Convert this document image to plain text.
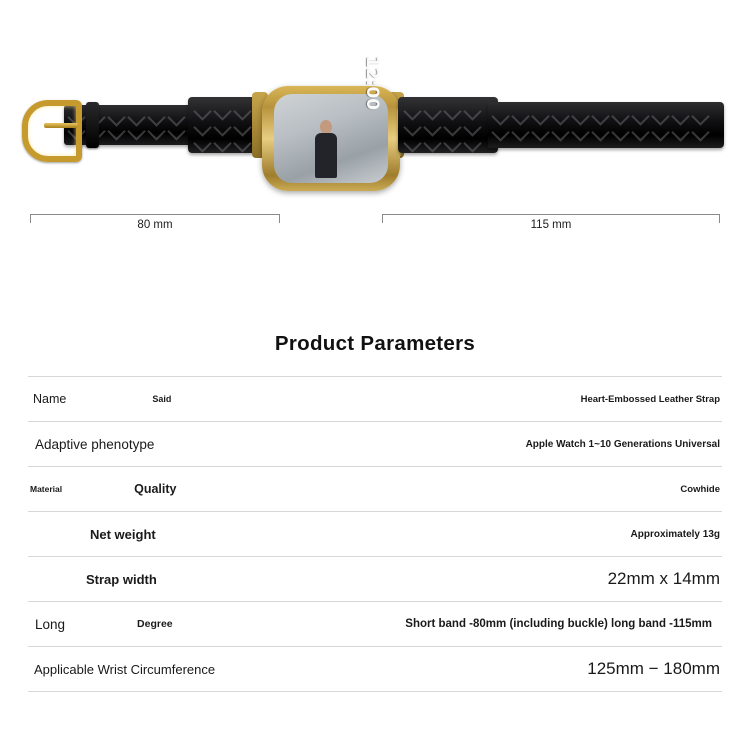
12:00
80 mm	115 mm
Product Parameters
Name	Said	Heart-Embossed Leather Strap
Adaptive phenotype	Apple Watch 1~10 Generations Universal
Material	Quality	Cowhide
Net weight	Approximately 13g
Strap width	22mm x 14mm
Long	Degree	Short band -80mm (including buckle) long band -115mm
Applicable Wrist Circumference	125mm − 180mm
